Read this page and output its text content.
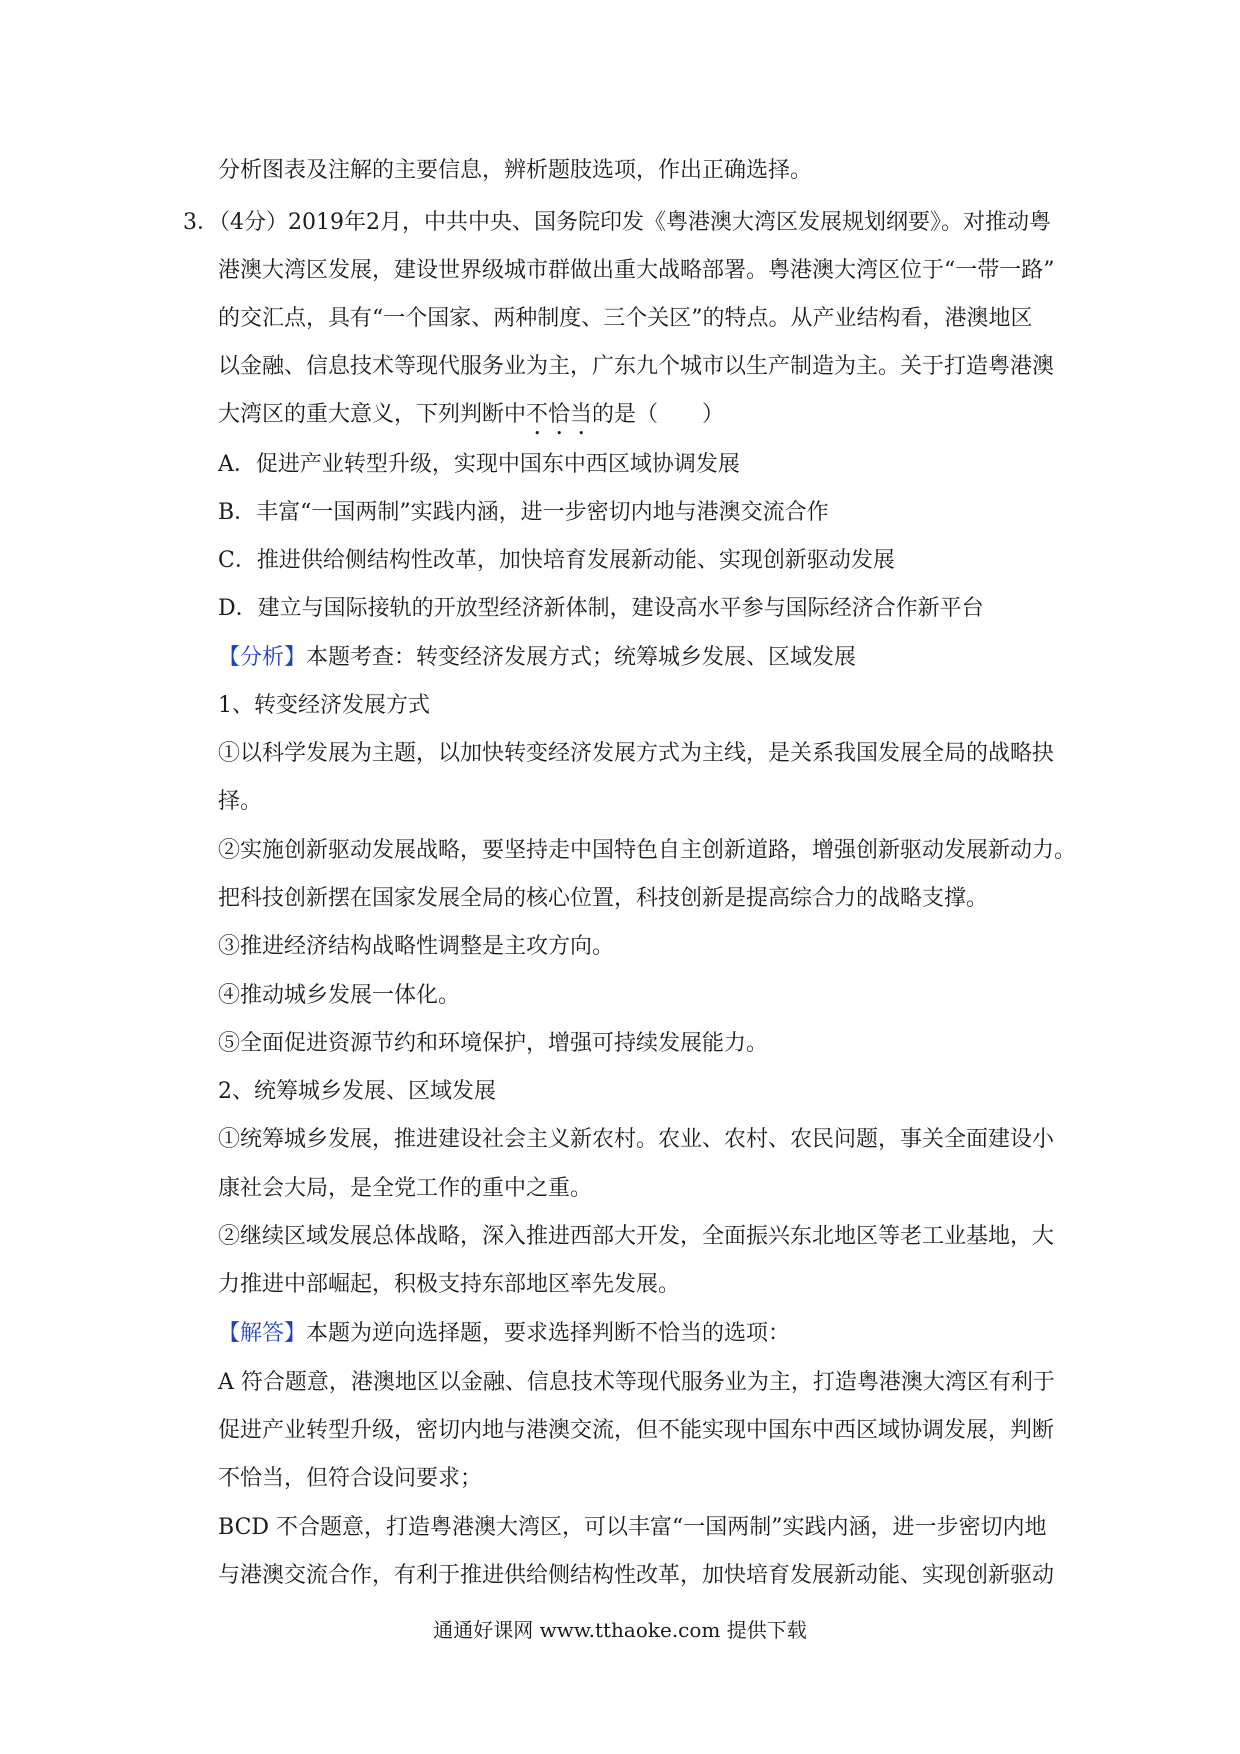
分析图表及注解的主要信息，辨析题肢选项，作出正确选择。
3．（4分）2019年2月，中共中央、国务院印发《粤港澳大湾区发展规划纲要》。对推动粤
港澳大湾区发展，建设世界级城市群做出重大战略部署。粤港澳大湾区位于“一带一路”
的交汇点，具有“一个国家、两种制度、三个关区”的特点。从产业结构看，港澳地区
以金融、信息技术等现代服务业为主，广东九个城市以生产制造为主。关于打造粤港澳
大湾区的重大意义，下列判断中不恰当的是（　　）
A．促进产业转型升级，实现中国东中西区域协调发展
B．丰富“一国两制”实践内涵，进一步密切内地与港澳交流合作
C．推进供给侧结构性改革，加快培育发展新动能、实现创新驱动发展
D．建立与国际接轨的开放型经济新体制，建设高水平参与国际经济合作新平台
【分析】本题考查：转变经济发展方式；统筹城乡发展、区域发展
1、转变经济发展方式
①以科学发展为主题，以加快转变经济发展方式为主线，是关系我国发展全局的战略抉
择。
②实施创新驱动发展战略，要坚持走中国特色自主创新道路，增强创新驱动发展新动力。
把科技创新摆在国家发展全局的核心位置，科技创新是提高综合力的战略支撑。
③推进经济结构战略性调整是主攻方向。
④推动城乡发展一体化。
⑤全面促进资源节约和环境保护，增强可持续发展能力。
2、统筹城乡发展、区域发展
①统筹城乡发展，推进建设社会主义新农村。农业、农村、农民问题，事关全面建设小
康社会大局，是全党工作的重中之重。
②继续区域发展总体战略，深入推进西部大开发，全面振兴东北地区等老工业基地，大
力推进中部崛起，积极支持东部地区率先发展。
【解答】本题为逆向选择题，要求选择判断不恰当的选项：
A 符合题意，港澳地区以金融、信息技术等现代服务业为主，打造粤港澳大湾区有利于
促进产业转型升级，密切内地与港澳交流，但不能实现中国东中西区域协调发展，判断
不恰当，但符合设问要求；
BCD 不合题意，打造粤港澳大湾区，可以丰富“一国两制”实践内涵，进一步密切内地
与港澳交流合作，有利于推进供给侧结构性改革，加快培育发展新动能、实现创新驱动
通通好课网 www.tthaoke.com 提供下载
